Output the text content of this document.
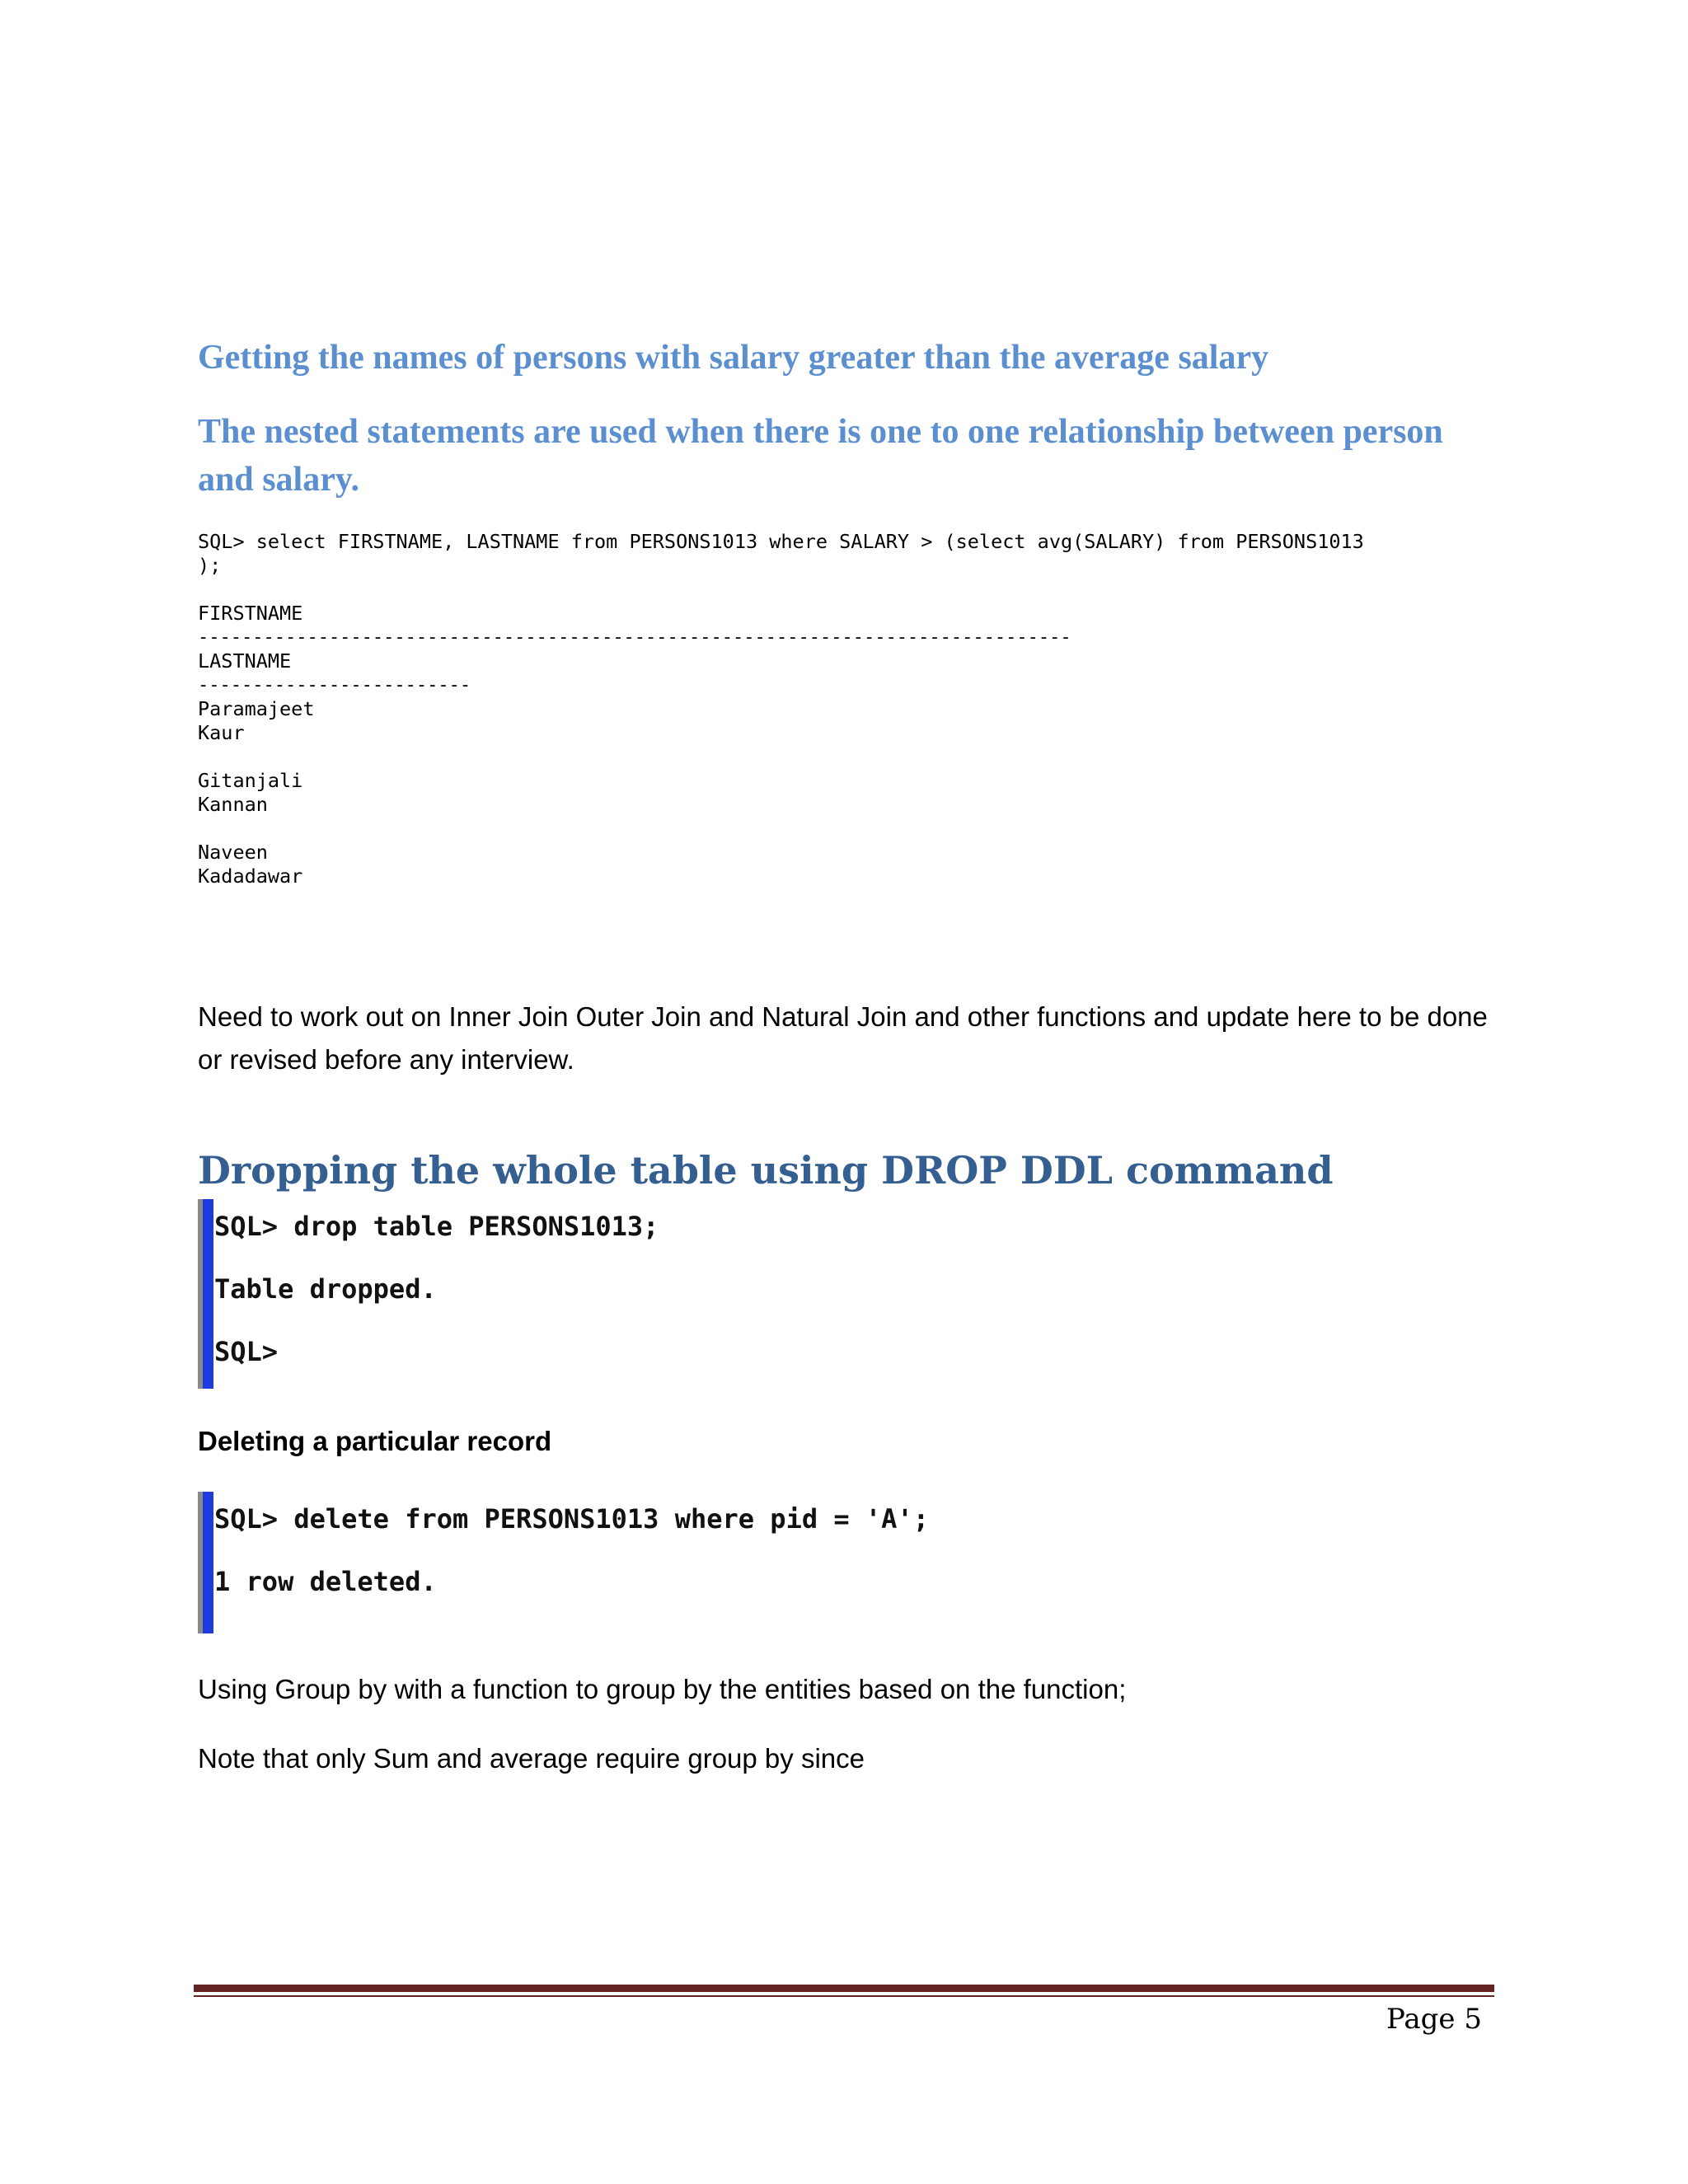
Getting the names of persons with salary greater than the average salary
The nested statements are used when there is one to one relationship between person and salary.
SQL> select FIRSTNAME, LASTNAME from PERSONS1013 where SALARY > (select avg(SALARY) from PERSONS1013
);

FIRSTNAME
--------------------------------------------------------------------------------
LASTNAME
-------------------------
Paramajeet
Kaur

Gitanjali
Kannan

Naveen
Kadadawar

Need to work out on Inner Join Outer Join and Natural Join and other functions and update here to be done or revised before any interview.

Dropping the whole table using DROP DDL command
SQL> drop table PERSONS1013;
Table dropped.
SQL>

Deleting a particular record

SQL> delete from PERSONS1013 where pid = 'A';
1 row deleted.

Using Group by with a function to group by the entities based on the function;

Note that only Sum and average require group by since

Page 5
